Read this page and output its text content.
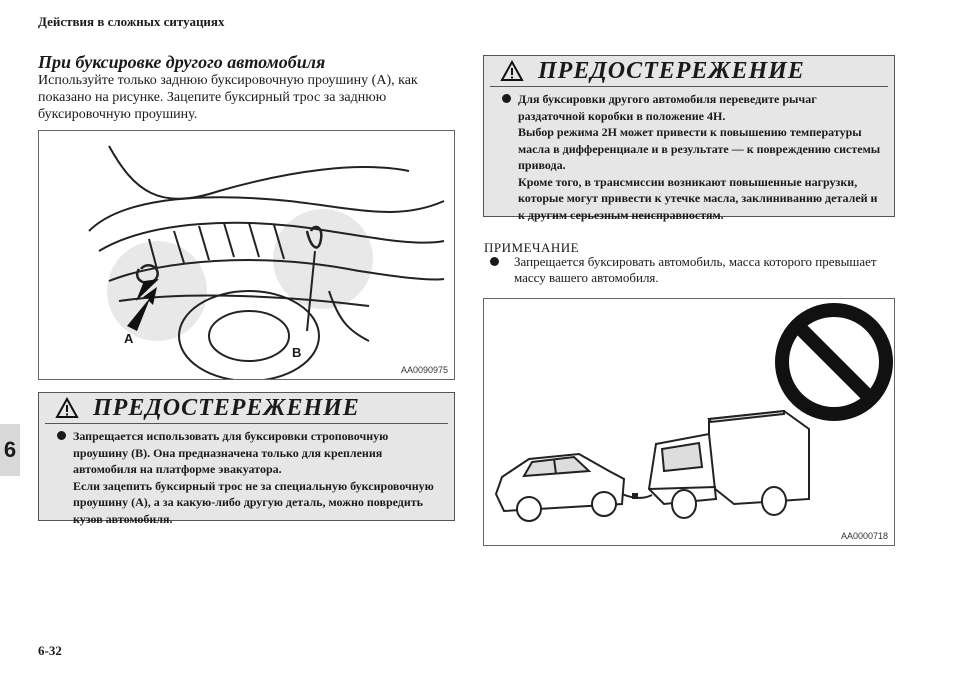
Действия в сложных ситуациях
6
6-32
При буксировке другого автомобиля
Используйте только заднюю буксировочную проушину (A), как показано на рисунке. Зацепите буксирный трос за заднюю буксировочную проушину.
A
B
AA0090975
ПРЕДОСТЕРЕЖЕНИЕ

Запрещается использовать для буксировки строповочную проушину (B). Она предназначена только для крепления автомобиля на платформе эвакуатора.

Если зацепить буксирный трос не за специальную буксировочную проушину (A), а за какую-либо другую деталь, можно повредить кузов автомобиля.

ПРЕДОСТЕРЕЖЕНИЕ

Для буксировки другого автомобиля переведите рычаг раздаточной коробки в положение 4H.

Выбор режима 2H может привести к повышению температуры масла в дифференциале и в результате — к повреждению системы привода.

Кроме того, в трансмиссии возникают повышенные нагрузки, которые могут привести к утечке масла, заклиниванию деталей и к другим серьезным неисправностям.

ПРИМЕЧАНИЕ

Запрещается буксировать автомобиль, масса которого превышает массу вашего автомобиля.

AA0000718
